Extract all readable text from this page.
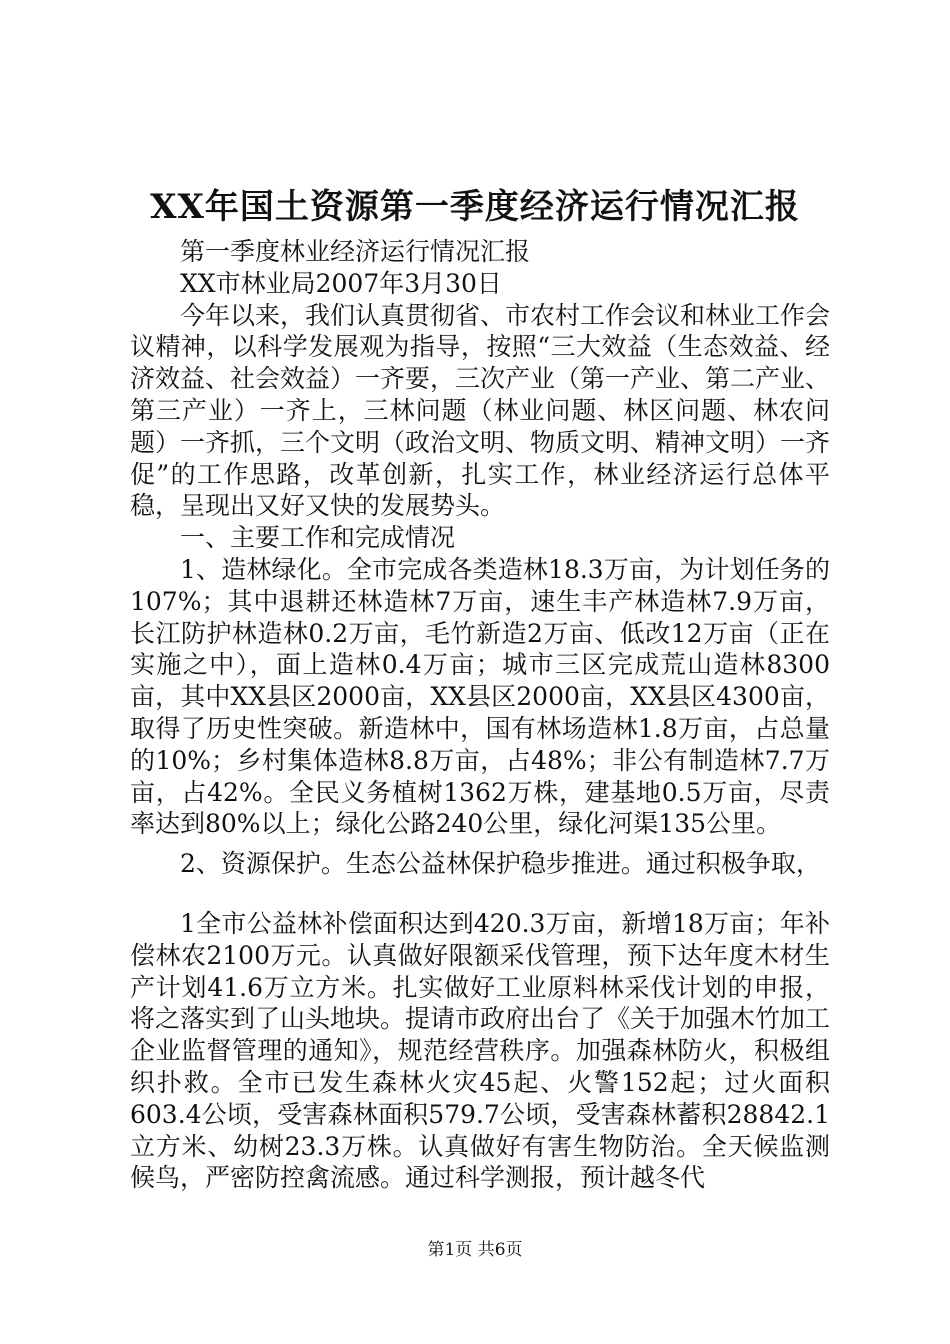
XX年国土资源第一季度经济运行情况汇报

第一季度林业经济运行情况汇报

XX市林业局2007年3月30日

今年以来，我们认真贯彻省、市农村工作会议和林业工作会议精神，以科学发展观为指导，按照“三大效益（生态效益、经济效益、社会效益）一齐要，三次产业（第一产业、第二产业、第三产业）一齐上，三林问题（林业问题、林区问题、林农问题）一齐抓，三个文明（政治文明、物质文明、精神文明）一齐促”的工作思路，改革创新，扎实工作，林业经济运行总体平稳，呈现出又好又快的发展势头。

一、主要工作和完成情况

1、造林绿化。全市完成各类造林18.3万亩，为计划任务的107%；其中退耕还林造林7万亩，速生丰产林造林7.9万亩，长江防护林造林0.2万亩，毛竹新造2万亩、低改12万亩（正在实施之中），面上造林0.4万亩；城市三区完成荒山造林8300亩，其中XX县区2000亩，XX县区2000亩，XX县区4300亩，取得了历史性突破。新造林中，国有林场造林1.8万亩，占总量的10%；乡村集体造林8.8万亩，占48%；非公有制造林7.7万亩，占42%。全民义务植树1362万株，建基地0.5万亩，尽责率达到80%以上；绿化公路240公里，绿化河渠135公里。

2、资源保护。生态公益林保护稳步推进。通过积极争取，

1全市公益林补偿面积达到420.3万亩，新增18万亩；年补偿林农2100万元。认真做好限额采伐管理，预下达年度木材生产计划41.6万立方米。扎实做好工业原料林采伐计划的申报，将之落实到了山头地块。提请市政府出台了《关于加强木竹加工企业监督管理的通知》，规范经营秩序。加强森林防火，积极组织扑救。全市已发生森林火灾45起、火警152起；过火面积603.4公顷，受害森林面积579.7公顷，受害森林蓄积28842.1立方米、幼树23.3万株。认真做好有害生物防治。全天候监测候鸟，严密防控禽流感。通过科学测报，预计越冬代

第1页 共6页
